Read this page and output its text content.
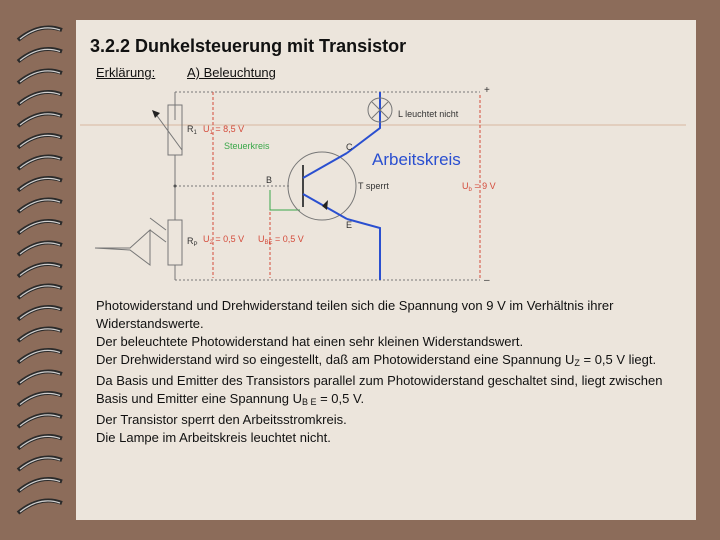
3.2.2 Dunkelsteuerung mit Transistor
Erklärung: A) Beleuchtung
L leuchtet nicht
+
–
$R_1$ $U_1 = 8,5$ V
Steuerkreis	C
B
E
Arbeitskreis
T sperrt	$U_b = 9$ V
$R_P$
$U_2 = 0,5$ V $U_{BE} = 0,5$ V

Photowiderstand und Drehwiderstand teilen sich die Spannung von 9 V im Verhältnis ihrer Widerstandswerte.

Der beleuchtete Photowiderstand hat einen sehr kleinen Widerstandswert.

Der Drehwiderstand wird so eingestellt, daß am Photowiderstand eine Spannung $U_Z = 0,5$ V liegt.

Da Basis und Emitter des Transistors parallel zum Photowiderstand geschaltet sind, liegt zwischen Basis und Emitter eine Spannung $U_{B E} = 0,5$ V.

Der Transistor sperrt den Arbeitsstromkreis.

Die Lampe im Arbeitskreis leuchtet nicht.
